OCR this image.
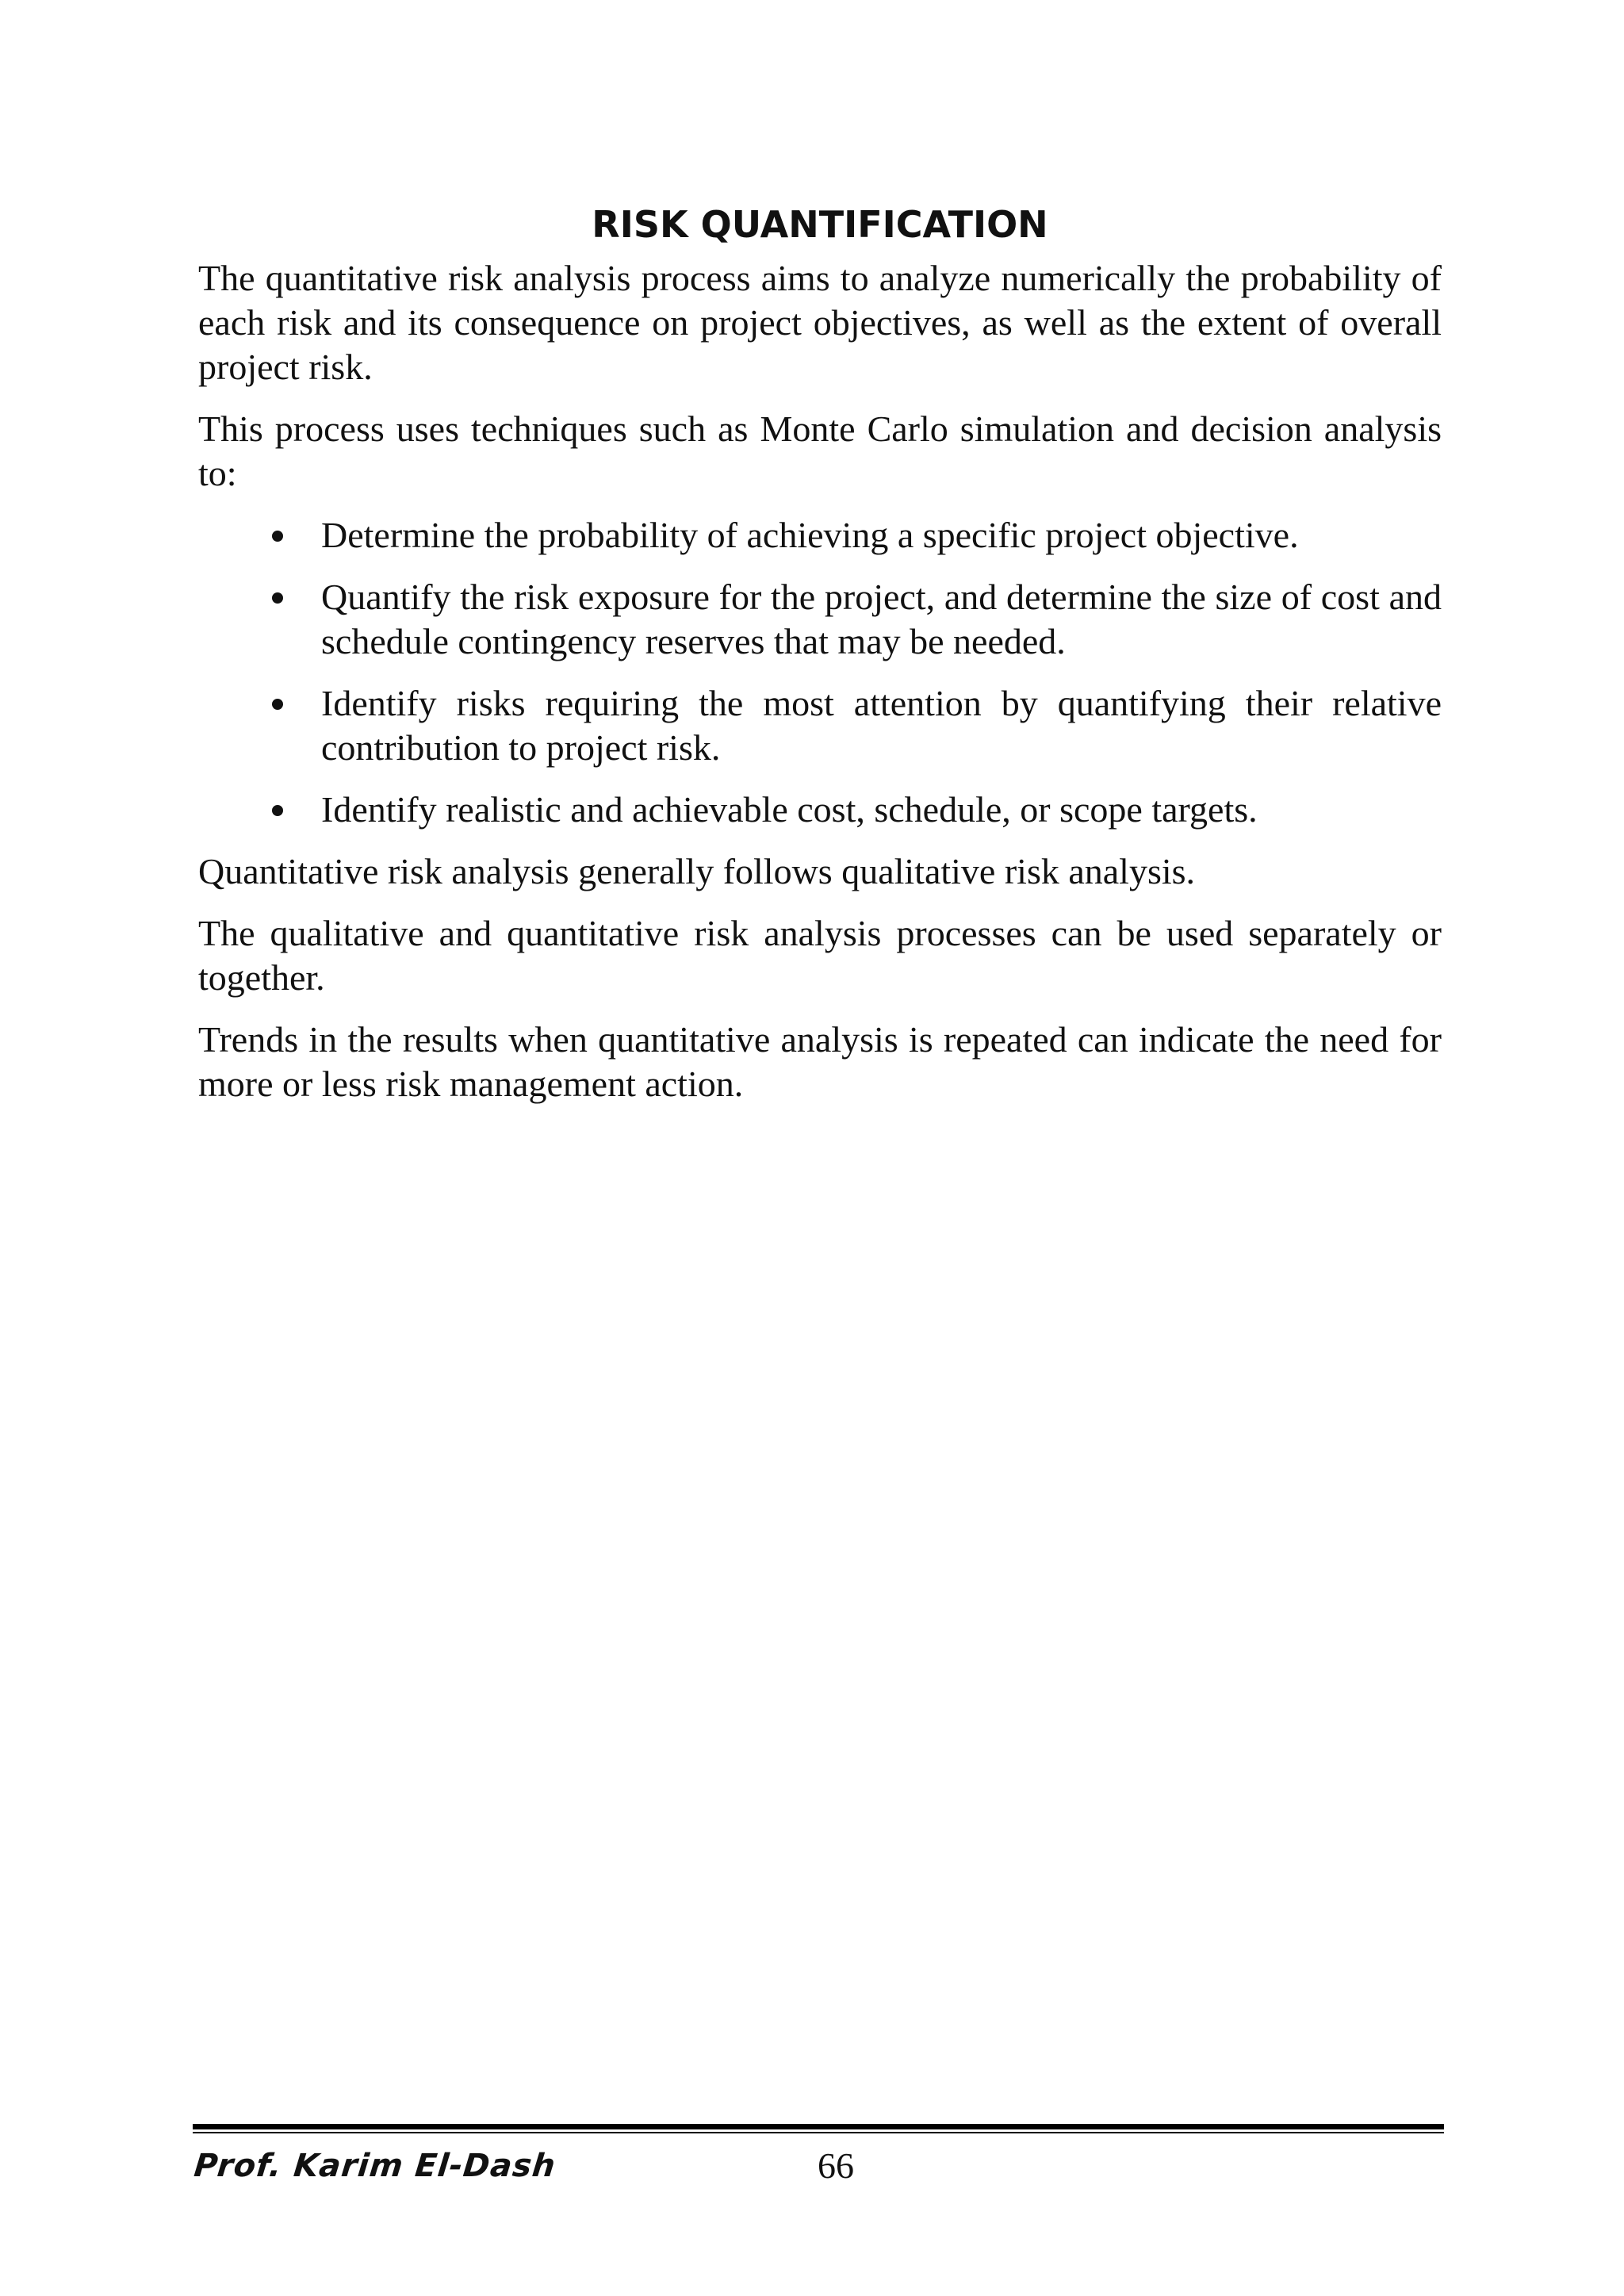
RISK QUANTIFICATION

The quantitative risk analysis process aims to analyze numerically the probability of each risk and its consequence on project objectives, as well as the extent of overall project risk.

This process uses techniques such as Monte Carlo simulation and decision analysis to:

Determine the probability of achieving a specific project objective.
Quantify the risk exposure for the project, and determine the size of cost and schedule contingency reserves that may be needed.
Identify risks requiring the most attention by quantifying their relative contribution to project risk.
Identify realistic and achievable cost, schedule, or scope targets.

Quantitative risk analysis generally follows qualitative risk analysis.

The qualitative and quantitative risk analysis processes can be used separately or together.

Trends in the results when quantitative analysis is repeated can indicate the need for more or less risk management action.

Prof. Karim El-Dash	66
